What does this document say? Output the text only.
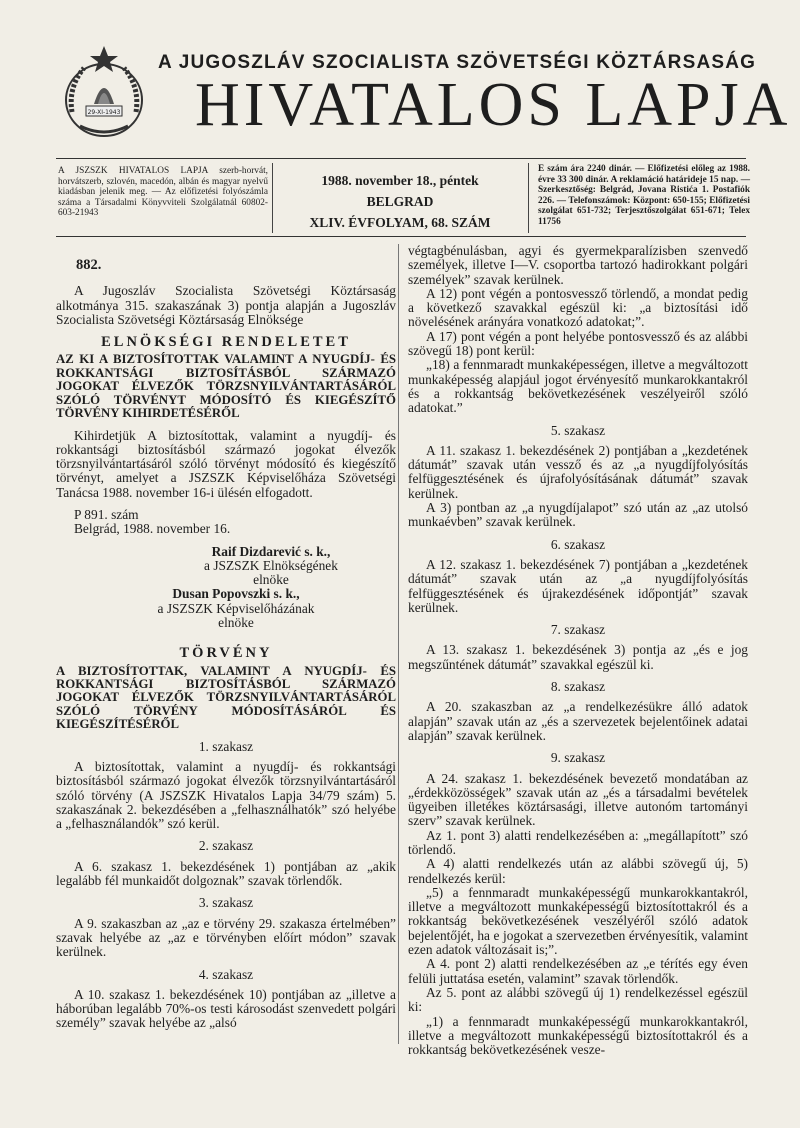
29-XI-1943
A JUGOSZLÁV SZOCIALISTA SZÖVETSÉGI KÖZTÁRSASÁG
HIVATALOS LAPJA
A JSZSZK HIVATALOS LAPJA szerb-horvát, horvátszerb, szlovén, macedón, albán és magyar nyelvű kiadásban jelenik meg. — Az előfizetési folyószámla száma a Társadalmi Könyvviteli Szolgálatnál 60802-603-21943
1988. november 18., péntek
BELGRAD
XLIV. ÉVFOLYAM, 68. SZÁM
E szám ára 2240 dinár. — Előfizetési előleg az 1988. évre 33 300 dinár. A reklamáció határideje 15 nap. — Szerkesztőség: Belgrád, Jovana Ristića 1. Postafiók 226. — Telefonszámok: Központ: 650-155; Előfizetési szolgálat 651-732; Terjesztőszolgálat 651-671; Telex 11756

882.

A Jugoszláv Szocialista Szövetségi Köztársaság alkotmánya 315. szakaszának 3) pontja alapján a Jugoszláv Szocialista Szövetségi Köztársaság Elnöksége

ELNÖKSÉGI RENDELETET

AZ KI A BIZTOSÍTOTTAK VALAMINT A NYUGDÍJ- ÉS ROKKANTSÁGI BIZTOSÍTÁSBÓL SZÁRMAZÓ JOGOKAT ÉLVEZŐK TÖRZSNYILVÁNTARTÁSÁRÓL SZÓLÓ TÖRVÉNYT MÓDOSÍTÓ ÉS KIEGÉSZÍTŐ TÖRVÉNY KIHIRDETÉSÉRŐL

Kihirdetjük A biztosítottak, valamint a nyugdíj- és rokkantsági biztosításból származó jogokat élvezők törzsnyilvántartásáról szóló törvényt módosító és kiegészítő törvényt, amelyet a JSZSZK Képviselőháza Szövetségi Tanácsa 1988. november 16-i ülésén elfogadott.

P 891. szám

Belgrád, 1988. november 16.

Raif Dizdarević s. k.,

a JSZSZK Elnökségének

elnöke

Dusan Popovszki s. k.,

a JSZSZK Képviselőházának

elnöke

TÖRVÉNY

A BIZTOSÍTOTTAK, VALAMINT A NYUGDÍJ- ÉS ROKKANTSÁGI BIZTOSÍTÁSBÓL SZÁRMAZÓ JOGOKAT ÉLVEZŐK TÖRZSNYILVÁNTARTÁSÁRÓL SZÓLÓ TÖRVÉNY MÓDOSÍTÁSÁRÓL ÉS KIEGÉSZÍTÉSÉRŐL

1. szakasz

A biztosítottak, valamint a nyugdíj- és rokkantsági biztosításból származó jogokat élvezők törzsnyilvántartásáról szóló törvény (A JSZSZK Hivatalos Lapja 34/79 szám) 5. szakaszának 2. bekezdésében a „felhasználhatók” szó helyébe a „felhasználandók” szó kerül.

2. szakasz

A 6. szakasz 1. bekezdésének 1) pontjában az „akik legalább fél munkaidőt dolgoznak” szavak törlendők.

3. szakasz

A 9. szakaszban az „az e törvény 29. szakasza értelmében” szavak helyébe az „az e törvényben előírt módon” szavak kerülnek.

4. szakasz

A 10. szakasz 1. bekezdésének 10) pontjában az „illetve a háborúban legalább 70%-os testi károsodást szenvedett polgári személy” szavak helyébe az „alsó

végtagbénulásban, agyi és gyermekparalízisben szenvedő személyek, illetve I—V. csoportba tartozó hadirokkant polgári személyek” szavak kerülnek.

A 12) pont végén a pontosvessző törlendő, a mondat pedig a következő szavakkal egészül ki: „a biztosítási idő növelésének arányára vonatkozó adatokat;”.

A 17) pont végén a pont helyébe pontosvessző és az alábbi szövegű 18) pont kerül:

„18) a fennmaradt munkaképességen, illetve a megváltozott munkaképesség alapjául jogot érvényesítő munkarokkantakról és a rokkantság bekövetkezésének veszélyeiről szóló adatokat.”

5. szakasz

A 11. szakasz 1. bekezdésének 2) pontjában a „kezdetének dátumát” szavak után vessző és az „a nyugdíjfolyósítás felfüggesztésének és újrafolyósításának dátumát” szavak kerülnek.

A 3) pontban az „a nyugdíjalapot” szó után az „az utolsó munkaévben” szavak kerülnek.

6. szakasz

A 12. szakasz 1. bekezdésének 7) pontjában a „kezdetének dátumát” szavak után az „a nyugdíjfolyósítás felfüggesztésének és újrakezdésének időpontját” szavak kerülnek.

7. szakasz

A 13. szakasz 1. bekezdésének 3) pontja az „és e jog megszűntének dátumát” szavakkal egészül ki.

8. szakasz

A 20. szakaszban az „a rendelkezésükre álló adatok alapján” szavak után az „és a szervezetek bejelentőinek adatai alapján” szavak kerülnek.

9. szakasz

A 24. szakasz 1. bekezdésének bevezető mondatában az „érdekközösségek” szavak után az „és a társadalmi bevételek ügyeiben illetékes köztársasági, illetve autonóm tartományi szerv” szavak kerülnek.

Az 1. pont 3) alatti rendelkezésében a: „megállapított” szó törlendő.

A 4) alatti rendelkezés után az alábbi szövegű új, 5) rendelkezés kerül:

„5) a fennmaradt munkaképességű munkarokkantakról, illetve a megváltozott munkaképességű biztosítottakról és a rokkantság bekövetkezésének veszélyéről szóló adatok bejelentőjét, ha e jogokat a szervezetben érvényesítik, valamint ezen adatok változásait is;”.

A 4. pont 2) alatti rendelkezésében az „e térítés egy éven felüli juttatása esetén, valamint” szavak törlendők.

Az 5. pont az alábbi szövegű új 1) rendelkezéssel egészül ki:

„1) a fennmaradt munkaképességű munkarokkantakról, illetve a megváltozott munkaképességű biztosítottakról és a rokkantság bekövetkezésének vesze-
